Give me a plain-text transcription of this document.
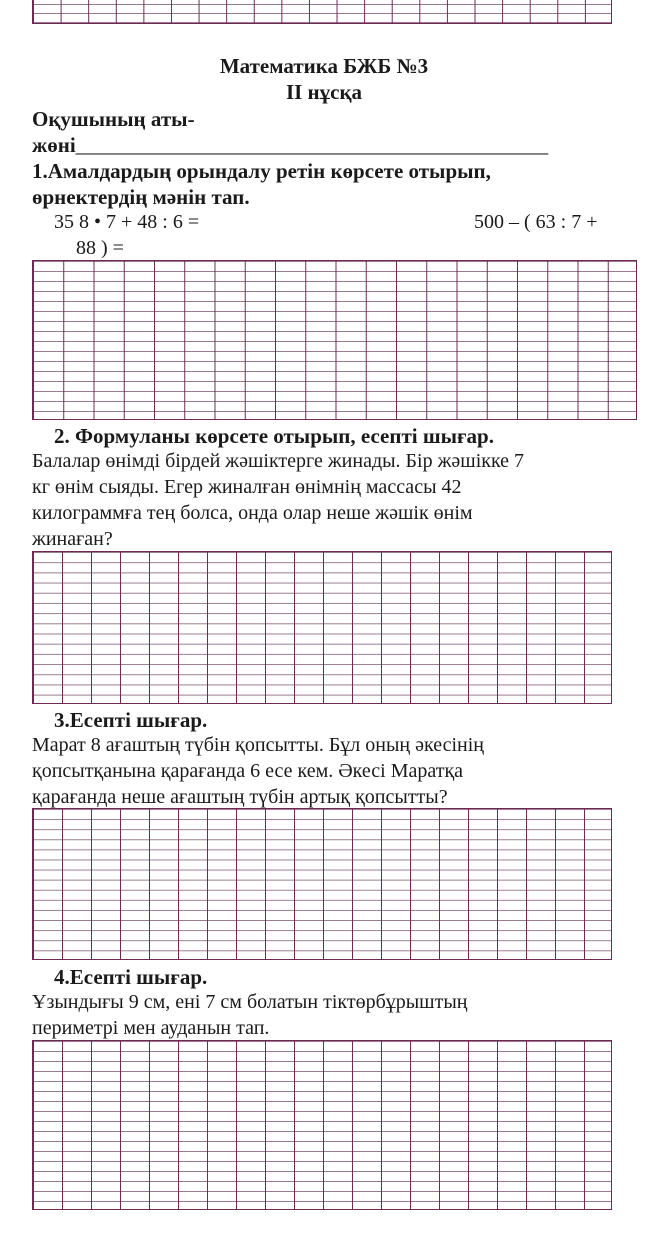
Математика БЖБ №3

II нұсқа

Оқушының аты-

жөні_____________________________________________

1.Амалдардың орындалу ретін көрсете отырып,

өрнектердің мәнін тап.

35 8 • 7 + 48 : 6 =	500 – ( 63 : 7 +

88 ) =

2. Формуланы көрсете отырып, есепті шығар.

Балалар өнімді бірдей жәшіктерге жинады. Бір жәшікке 7

кг өнім сыяды. Егер жиналған өнімнің массасы 42

килограммға тең болса, онда олар неше жәшік өнім

жинаған?

3.Есепті шығар.

Марат 8 ағаштың түбін қопсытты. Бұл оның әкесінің

қопсытқанына қарағанда 6 есе кем. Әкесі Маратқа

қарағанда неше ағаштың түбін артық қопсытты?

4.Есепті шығар.

Ұзындығы 9 см, ені 7 см болатын тіктөрбұрыштың

периметрі мен ауданын тап.
